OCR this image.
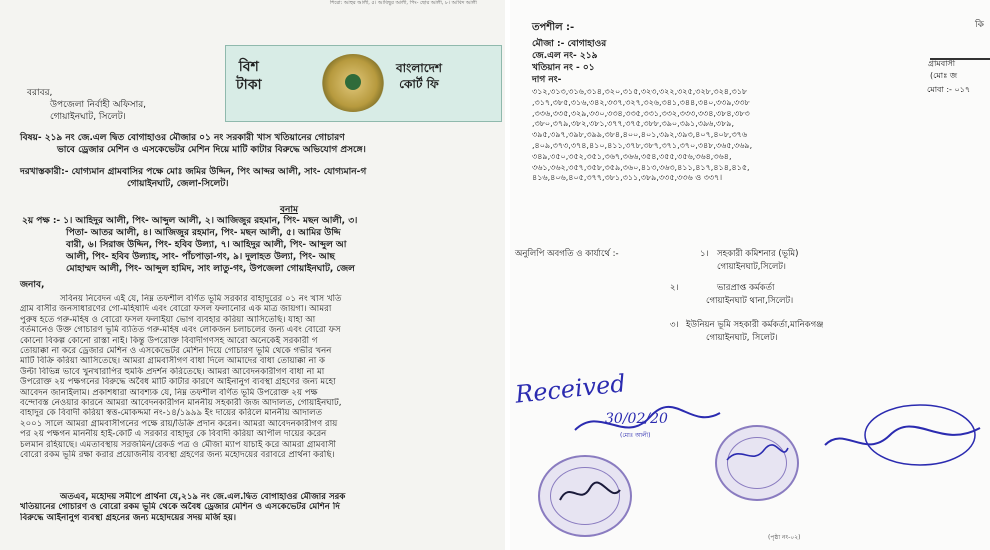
শিরো: আহুর আলী, ৫। আবিছুর আলী, পিং- ছোর আলী, ৮। আবিদ আলী
বিশ
টাকা
বাংলাদেশ
কোর্ট ফি
বরাবর,
উপজেলা নির্বাহী অফিসার,
গোয়াইনঘাট, সিলেট।
বিষয়- ২১৯ নং জে.এল দ্বিত বোগাহাওর মৌজার ০১ নং সরকারী খাস খতিয়ানের গোচারণ
ভাবে ড্রেজার মেশিন ও এসকেভেটর মেশিন দিয়ে মাটি কাটার বিরুদ্ধে অভিযোগ প্রসঙ্গে।
দরখাস্তকারী:- যোগ্যমান গ্রামবাসির পক্ষে মোঃ জমির উদ্দিন, পিং আব্দর আলী, সাং- যোগ্যমান-গ
গোয়াইনঘাট, জেলা-সিলেট।
বনাম
২য় পক্ষ :- ১। আহিদুর আলী, পিং- আব্দুল আলী, ২। আজিজুর রহমান, পিং- মছন আলী, ৩।
পিতা- আতর আলী, ৪। আজিজুর রহমান, পিং- মছন আলী, ৫। আমির উদ্দি
বারী, ৬। সিরাজ উদ্দিন, পিং- হবিব উল্যা, ৭। আহিদুর আলী, পিং- আব্দুল আ
আলী, পিং- হবিব উল্যাহ, সাং- পাঁচপাড়া-গং, ৯। দুলাহত উল্যা, পিং- আছ
মোহাম্মদ আলী, পিং- আব্দুল হামিদ, সাং লাতু-গং, উপজেলা গোয়াইনঘাট, জেল
জনাব,
সবিনয় নিবেদন এই যে, নিম্ন তফশীল বর্ণিত ভূমি সরকার বাহাদুরের ০১ নং খাস খতি
গ্রাম বাসীর জনসাধারণের গো-মহিষাদি এবং বোরো ফসল ফলানোর এক মাত্র জায়গা। আমরা
পুরুষ হতে গরু-মহিষ ও বোরো ফসল ফলাইয়া ভোগ ব্যবহার করিয়া আসিতেছি। যাহা আ
বর্তমানেও উক্ত গোচারণ ভূমি ব্যতিত গরু-মহিষ এবং লোকজন চলাচলের জন্য এবং বোরো ফস
কোনো বিকল্প কোনো রাস্তা নাই। কিন্তু উপরোক্ত বিবাদীগণসহ আরো অনেকেই সরকারী গ
তোয়াক্কা না করে ড্রেজার মেশিন ও এসকেভেটর মেশিন দিয়ে গোচারণ ভূমি থেকে গভীর খনন
মাটি বিক্রি করিয়া আসিতেছে। আমরা গ্রামবাসীগণ বাধা দিলে আমাদের বাধা তোয়াক্কা না ক
উল্টা বিভিন্ন ভাবে খুনখারাপির হুমকি প্রদর্শন করিতেছে। আমরা আবেদনকারীগণ বাধা না মা
উপরোক্ত ২য় পক্ষগনের বিরুদ্ধে অবৈধ মাটি কাটার কারণে আইনানুগ ব্যবস্থা গ্রহণের জন্য মহো
আবেদন জানাইলাম। প্রকাশধারা আবশ্যক যে, নিম্ন তফশীল বর্ণিত ভূমি উপরোক্ত ২য় পক্ষ
বন্দোবস্ত নেওয়ার কারনে আমরা আবেদনকারীগন মাননীয় সহকারী জজ আদালত, গোয়াইনঘাট,
বাহাদুর কে বিবাদী করিয়া স্বত্ত-মোকদ্দমা নং-১৪/১৯৯৯ ইং দায়ের করিলে মাননীয় আদালত
২০০১ সালে আমরা গ্রামবাসীগনের পক্ষে রায়/ডিক্রি প্রদান করেন। আমরা আবেদনকারীগণ রায়
পর ২য় পক্ষগন মাননীয় হাই-কোর্ট এ সরকার বাহাদুর কে বিবাদী করিয়া আপীল দায়ের করেন
চলমান রহিয়াছে। এমতাবস্থায় সরজমিন/রেকর্ড পত্র ও মৌজা ম্যাপ যাচাই করে আমরা গ্রামবাসী
বোরো রকম ভূমি রক্ষা করার প্রয়োজনীয় ব্যবস্থা গ্রহণের জন্য মহোদয়ের বরাবরে প্রার্থনা করছি।
অতএব, মহোদয় সমীপে প্রার্থনা যে,২১৯ নং জে.এল.দ্বিত বোগাহাওর মৌজার সরক
খতিয়ানের গোচারণ ও বোরো রকম ভূমি থেকে অবৈধ ড্রেজার মেশিন ও এসকেভেটর মেশিন দি
বিরুদ্ধে আইনানুগ ব্যবস্থা গ্রহনের জন্য মহোদয়ের সদয় মর্জি হয়।
তপশীল :-
মৌজা :- বোগাহাওর
জে.এল নং- ২১৯
খতিয়ান নং - ০১
দাগ নং-
৩১২,৩১৩,৩১৬,৩১৪,৩২০,৩১৫,৩২৩,৩২২,৩২৫,৩২৮,৩২৪,৩১৮
,৩১৭,৩৮৫,৩১৬,৩৪২,৩৩৭,৩২৭,৩২৬,৩৪১,৩৪৪,৩৪০,৩৩৯,৩৩৮
,৩৩৬,৩৩৫,৩২৯,৩৩০,৩৩৪,৩৩৫,৩৩১,৩৩২,৩৩৩,৩৩৪,৩৮৪,৩৮৩
,৩৮০,৩৭৯,৩৮২,৩৮১,৩৭৭,৩৭৫,৩৮৮,৩৯০,৩৯১,৩৯৬,৩৮৯,
৩৯৫,৩৯৭,৩৯৮,৩৯৯,৩৮৪,৪০০,৪০১,৩৯২,৩৯৩,৪০৭,৪০৮,৩৭৬
,৪০৯,৩৭৩,৩৭৪,৪১০,৪১১,৩৭৮,৩৮৭,৩৭১,৩৭০,৩৪৮,৩৬৫,৩৬৯,
৩৪৯,৩৫০,৩৫২,৩৫১,৩৬৭,৩৬৬,৩৫৪,৩৫৫,৩৫৬,৩৬৪,৩৬৪,
৩৬১,৩৬২,৩৫৭,৩৫৮,৩৫৯,৩৬০,৪১৩,৩৬৩,৪১১,৪১৭,৪১৪,৪১৫,
৪১৬,৪০৬,৪০৫,৩৭৭,৩৮১,৩১১,৩৮৯,৩৩৫,৩৩৬ ও ৩৩৭।
কি
গ্রামবাসী
(মোঃ জ
মোবা :- ০১৭
অনুলিপি অবগতি ও কার্যার্থে :-	১। সহকারী কমিশনার (ভূমি)
গোয়াইনঘাট,সিলেট।
২।	ভারপ্রাপ্ত কর্মকর্তা
গোয়াইনঘাট থানা,সিলেট।
৩। ইউনিয়ন ভূমি সহকারী কর্মকর্তা,মানিকগঞ্জ
গোয়াইনঘাট, সিলেট।
Received
30/02/20
(মোঃ আলী)
(পৃষ্ঠা নং-০২)
